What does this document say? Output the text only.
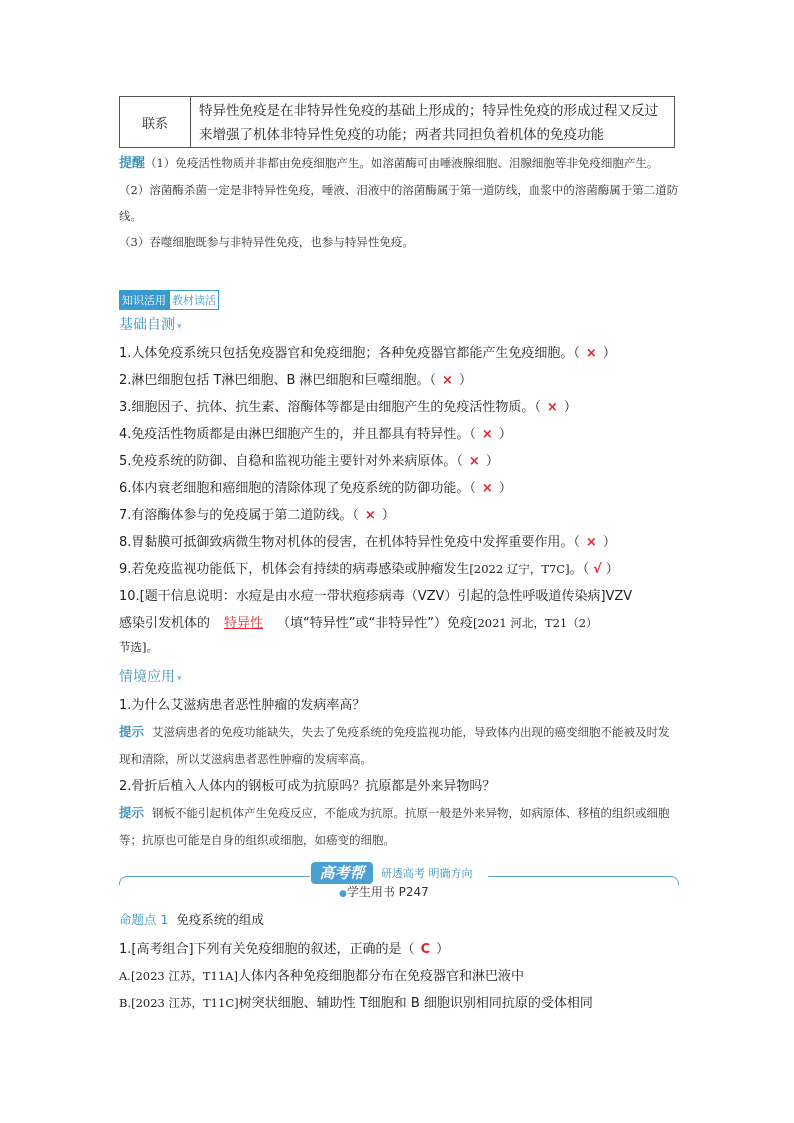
联系
特异性免疫是在非特异性免疫的基础上形成的；特异性免疫的形成过程又反过来增强了机体非特异性免疫的功能；两者共同担负着机体的免疫功能
提醒（1）免疫活性物质并非都由免疫细胞产生。如溶菌酶可由唾液腺细胞、泪腺细胞等非免疫细胞产生。
（2）溶菌酶杀菌一定是非特异性免疫，唾液、泪液中的溶菌酶属于第一道防线，血浆中的溶菌酶属于第二道防线。
（3）吞噬细胞既参与非特异性免疫，也参与特异性免疫。
知识活用 教材读活
基础自测 ▾
1.人体免疫系统只包括免疫器官和免疫细胞；各种免疫器官都能产生免疫细胞。（ × ）
2.淋巴细胞包括 T淋巴细胞、B 淋巴细胞和巨噬细胞。（ × ）
3.细胞因子、抗体、抗生素、溶酶体等都是由细胞产生的免疫活性物质。（ × ）
4.免疫活性物质都是由淋巴细胞产生的，并且都具有特异性。（ × ）
5.免疫系统的防御、自稳和监视功能主要针对外来病原体。（ × ）
6.体内衰老细胞和癌细胞的清除体现了免疫系统的防御功能。（ × ）
7.有溶酶体参与的免疫属于第二道防线。（ × ）
8.胃黏膜可抵御致病微生物对机体的侵害，在机体特异性免疫中发挥重要作用。（ × ）
9.若免疫监视功能低下，机体会有持续的病毒感染或肿瘤发生[2022 辽宁，T7C]。（ √ ）
10.[题干信息说明：水痘是由水痘一带状疱疹病毒（VZV）引起的急性呼吸道传染病]VZV
感染引发机体的 特异性 （填“特异性”或“非特异性”）免疫[2021 河北，T21（2）
节选]。
情境应用 ▾
1.为什么艾滋病患者恶性肿瘤的发病率高？
提示 艾滋病患者的免疫功能缺失，失去了免疫系统的免疫监视功能，导致体内出现的癌变细胞不能被及时发现和清除，所以艾滋病患者恶性肿瘤的发病率高。
2.骨折后植入人体内的钢板可成为抗原吗？抗原都是外来异物吗？
提示 钢板不能引起机体产生免疫反应，不能成为抗原。抗原一般是外来异物，如病原体、移植的组织或细胞等；抗原也可能是自身的组织或细胞，如癌变的细胞。
高考帮	研透高考 明确方向
●学生用书 P247
命题点 1 免疫系统的组成
1.[高考组合]下列有关免疫细胞的叙述，正确的是（ C ）
A.[2023 江苏，T11A]人体内各种免疫细胞都分布在免疫器官和淋巴液中
B.[2023 江苏，T11C]树突状细胞、辅助性 T细胞和 B 细胞识别相同抗原的受体相同
